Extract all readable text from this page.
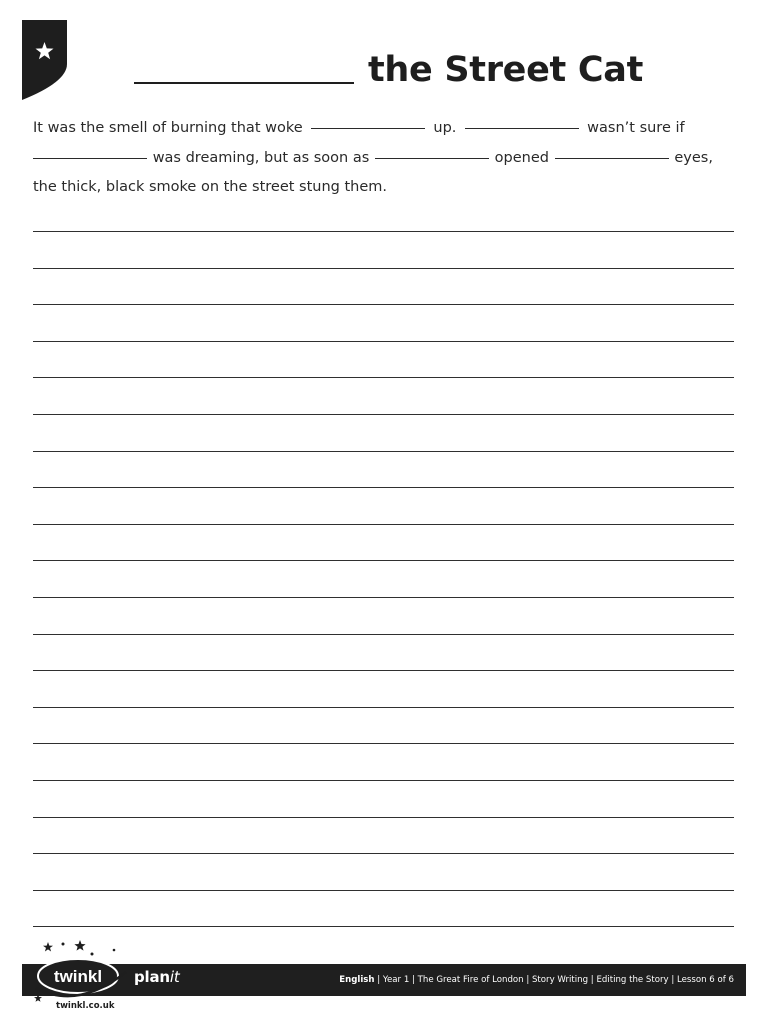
the Street Cat
It was the smell of burning that woke	up.	wasn’t sure if
was dreaming, but as soon as	opened	eyes,
the thick, black smoke on the street stung them.
twinkl planit	English | Year 1 | The Great Fire of London | Story Writing | Editing the Story | Lesson 6 of 6
twinkl.co.uk
